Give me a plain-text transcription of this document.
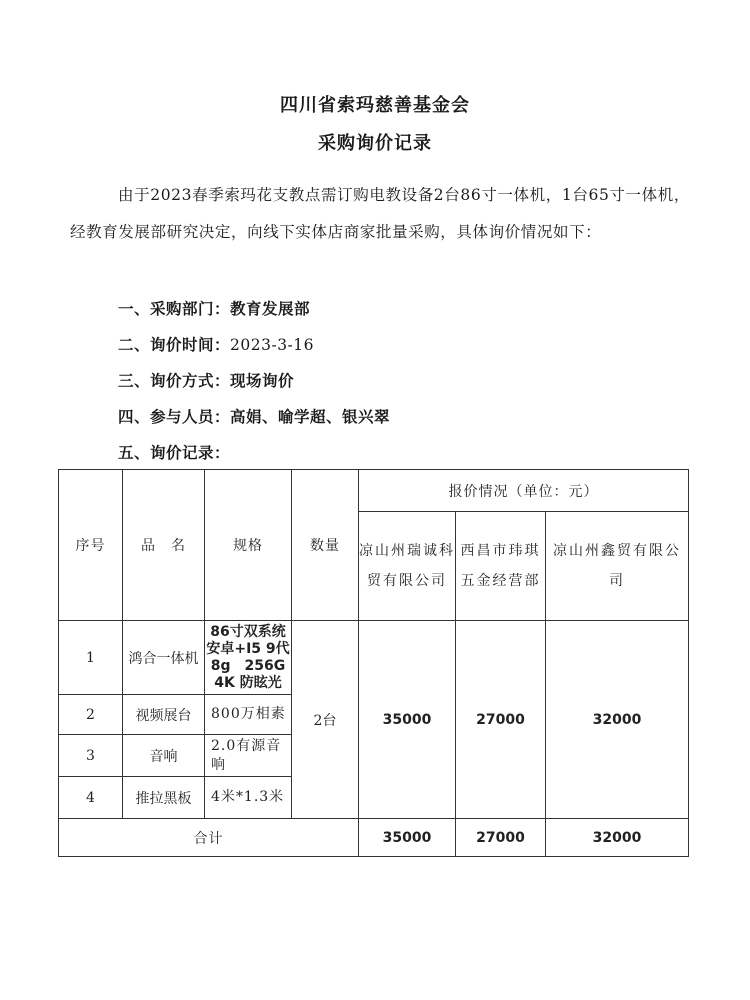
四川省索玛慈善基金会
采购询价记录
由于2023春季索玛花支教点需订购电教设备2台86寸一体机，1台65寸一体机，经教育发展部研究决定，向线下实体店商家批量采购，具体询价情况如下：
一、采购部门：教育发展部
二、询价时间：2023-3-16
三、询价方式：现场询价
四、参与人员：高娟、喻学超、银兴翠
五、询价记录：
序号	品　名	规格	数量	报价情况（单位：元）		
				凉山州瑞诚科贸有限公司	西昌市玮琪五金经营部	凉山州鑫贸有限公司
1	鸿合一体机	86寸双系统
安卓+I5 9代
8g　256G
4K 防眩光	2台	35000	27000	32000
2	视频展台	800万相素				

3	音响	2.0有源音
响				

4	推拉黑板	4米*1.3米				

合计				35000	27000	32000
